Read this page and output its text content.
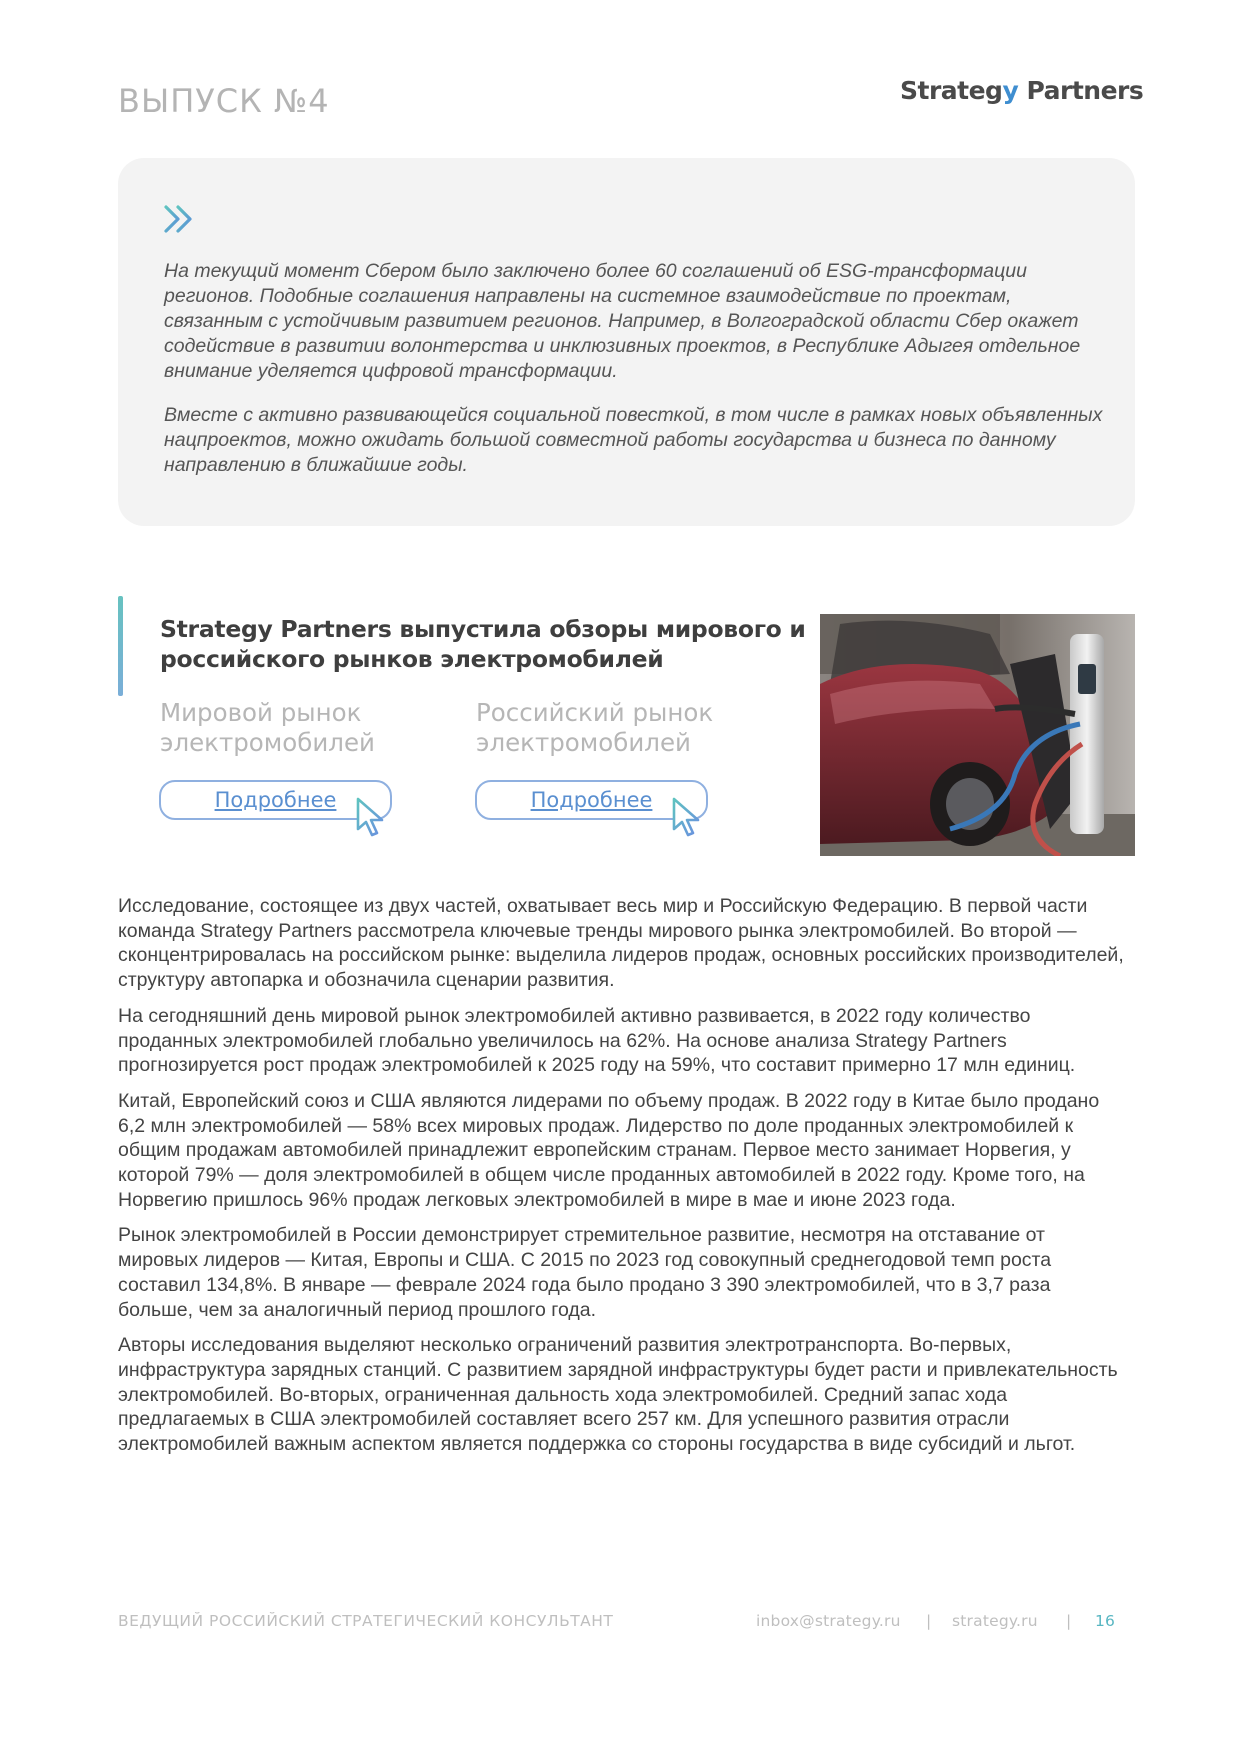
ВЫПУСК №4	Strategy Partners

На текущий момент Сбером было заключено более 60 соглашений об ESG-трансформации регионов. Подобные соглашения направлены на системное взаимодействие по проектам, связанным с устойчивым развитием регионов. Например, в Волгоградской области Сбер окажет содействие в развитии волонтерства и инклюзивных проектов, в Республике Адыгея отдельное внимание уделяется цифровой трансформации.

Вместе с активно развивающейся социальной повесткой, в том числе в рамках новых объявленных нацпроектов, можно ожидать большой совместной работы государства и бизнеса по данному направлению в ближайшие годы.

Strategy Partners выпустила обзоры мирового и российского рынков электромобилей
Мировой рынок электромобилей
Российский рынок электромобилей
Подробнее	Подробнее

Исследование, состоящее из двух частей, охватывает весь мир и Российскую Федерацию. В первой части команда Strategy Partners рассмотрела ключевые тренды мирового рынка электромобилей. Во второй — сконцентрировалась на российском рынке: выделила лидеров продаж, основных российских производителей, структуру автопарка и обозначила сценарии развития.

На сегодняшний день мировой рынок электромобилей активно развивается, в 2022 году количество проданных электромобилей глобально увеличилось на 62%. На основе анализа Strategy Partners прогнозируется рост продаж электромобилей к 2025 году на 59%, что составит примерно 17 млн единиц.

Китай, Европейский союз и США являются лидерами по объему продаж. В 2022 году в Китае было продано 6,2 млн электромобилей — 58% всех мировых продаж. Лидерство по доле проданных электромобилей к общим продажам автомобилей принадлежит европейским странам. Первое место занимает Норвегия, у которой 79% — доля электромобилей в общем числе проданных автомобилей в 2022 году. Кроме того, на Норвегию пришлось 96% продаж легковых электромобилей в мире в мае и июне 2023 года.

Рынок электромобилей в России демонстрирует стремительное развитие, несмотря на отставание от мировых лидеров — Китая, Европы и США. С 2015 по 2023 год совокупный среднегодовой темп роста составил 134,8%. В январе — феврале 2024 года было продано 3 390 электромобилей, что в 3,7 раза больше, чем за аналогичный период прошлого года.

Авторы исследования выделяют несколько ограничений развития электротранспорта. Во-первых, инфраструктура зарядных станций. С развитием зарядной инфраструктуры будет расти и привлекательность электромобилей. Во-вторых, ограниченная дальность хода электромобилей. Средний запас хода предлагаемых в США электромобилей составляет всего 257 км. Для успешного развития отрасли электромобилей важным аспектом является поддержка со стороны государства в виде субсидий и льгот.

ВЕДУЩИЙ РОССИЙСКИЙ СТРАТЕГИЧЕСКИЙ КОНСУЛЬТАНТ	inbox@strategy.ru | strategy.ru | 16
